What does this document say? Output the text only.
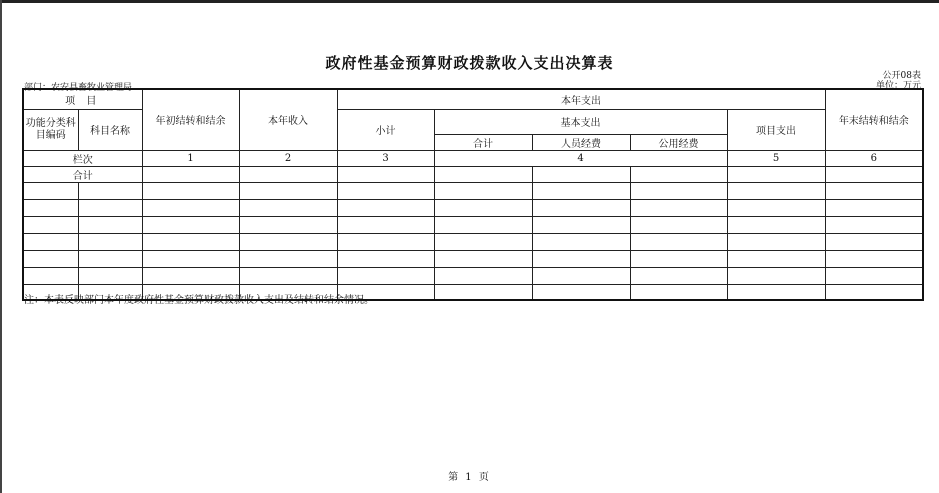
政府性基金预算财政拨款收入支出决算表
公开08表
单位：万元
部门：农安县畜牧业管理局
项 目		年初结转和结余	本年收入	本年支出					年末结转和结余
功能分类科目编码	科目名称			小计	基本支出			项目支出	
					合计	人员经费	公用经费		
栏次		1	2	3	4			5	6
合计									

注：本表反映部门本年度政府性基金预算财政拨款收入支出及结转和结余情况。
第 1 页
